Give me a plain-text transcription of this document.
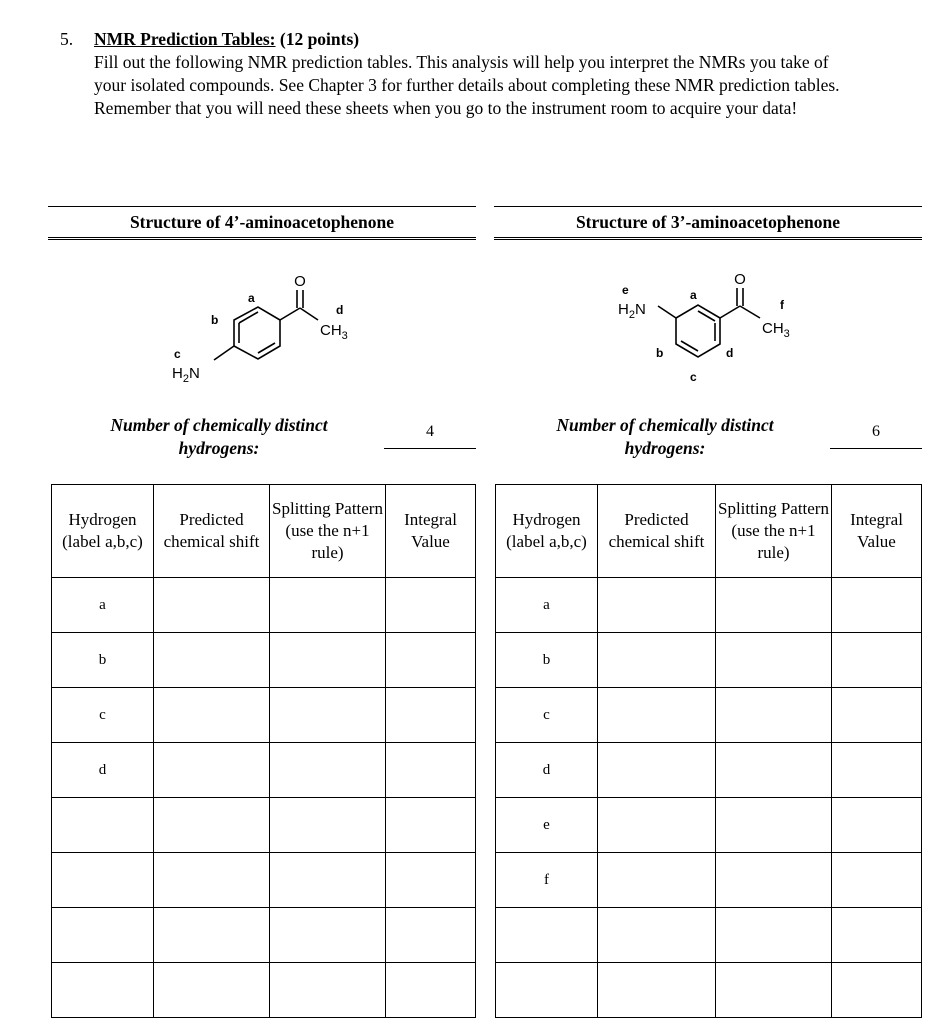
5. NMR Prediction Tables: (12 points)
Fill out the following NMR prediction tables. This analysis will help you interpret the NMRs you take of
your isolated compounds. See Chapter 3 for further details about completing these NMR prediction tables.
Remember that you will need these sheets when you go to the instrument room to acquire your data!
Structure of 4’-aminoacetophenone
O
$CH_3$
$H_2N$
a
b
c
d
Number of chemically distinct
hydrogens:
4
Hydrogen (label a,b,c)	Predicted chemical shift	Splitting Pattern (use the n+1 rule)	Integral Value
a			
b			
c			
d			

Structure of 3’-aminoacetophenone
O
$CH_3$
$H_2N$
a
b
c
d
e
f
Number of chemically distinct
hydrogens:
6
Hydrogen (label a,b,c)	Predicted chemical shift	Splitting Pattern (use the n+1 rule)	Integral Value
a			
b			
c			
d			
e			
f			
